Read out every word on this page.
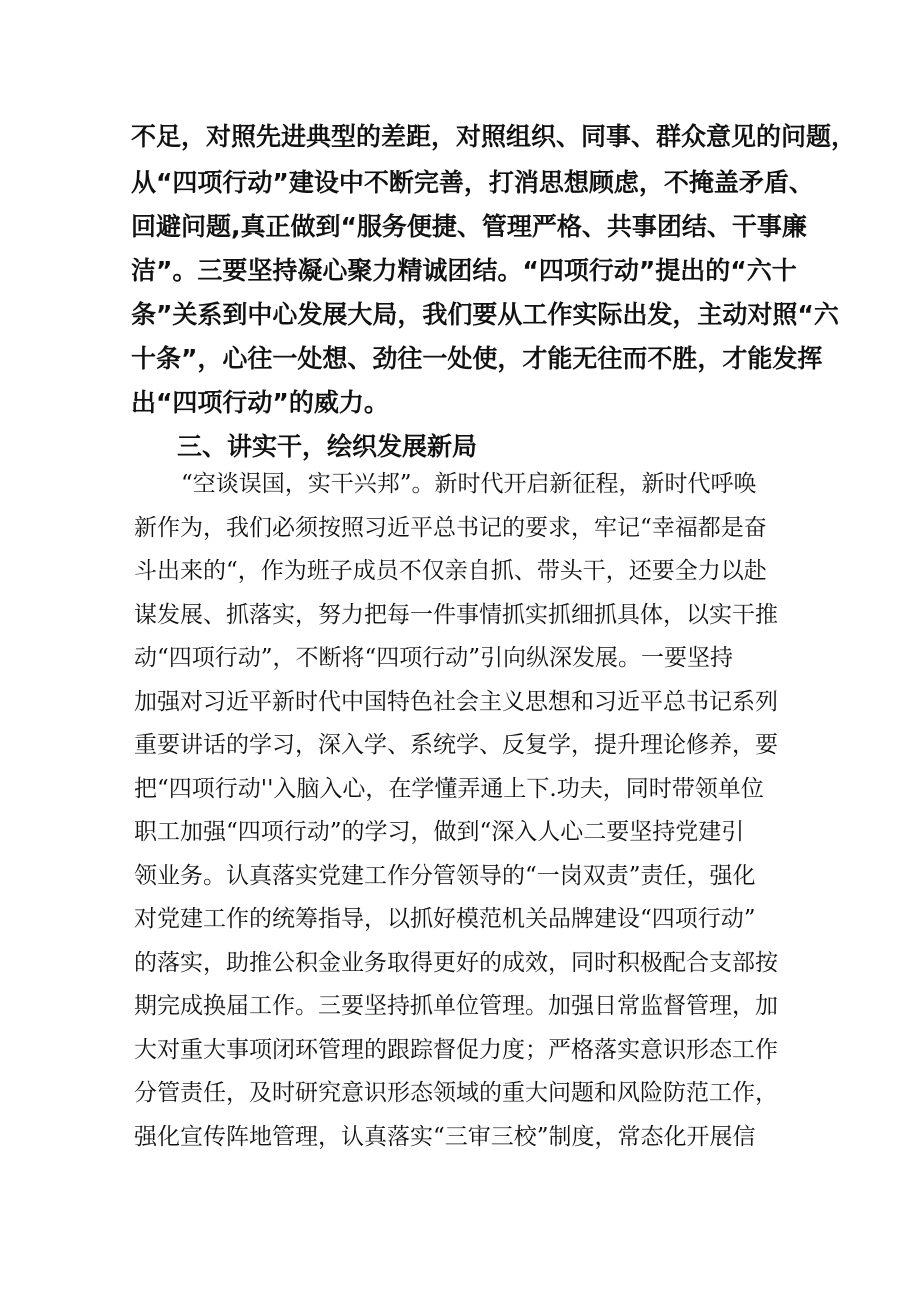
不足，对照先进典型的差距，对照组织、同事、群众意见的问题，
从“四项行动”建设中不断完善，打消思想顾虑，不掩盖矛盾、
回避问题,真正做到“服务便捷、管理严格、共事团结、干事廉
洁”。三要坚持凝心聚力精诚团结。“四项行动”提出的“六十
条”关系到中心发展大局，我们要从工作实际出发，主动对照“六
十条”，心往一处想、劲往一处使，才能无往而不胜，才能发挥
出“四项行动”的威力。
三、讲实干，绘织发展新局
“空谈误国，实干兴邦”。新时代开启新征程，新时代呼唤
新作为，我们必须按照习近平总书记的要求，牢记“幸福都是奋
斗出来的“，作为班子成员不仅亲自抓、带头干，还要全力以赴
谋发展、抓落实，努力把每一件事情抓实抓细抓具体，以实干推
动“四项行动”，不断将“四项行动”引向纵深发展。一要坚持
加强对习近平新时代中国特色社会主义思想和习近平总书记系列
重要讲话的学习，深入学、系统学、反复学，提升理论修养，要
把“四项行动''入脑入心，在学懂弄通上下.功夫，同时带领单位
职工加强“四项行动”的学习，做到“深入人心二要坚持党建引
领业务。认真落实党建工作分管领导的“一岗双责”责任，强化
对党建工作的统筹指导，以抓好模范机关品牌建设“四项行动”
的落实，助推公积金业务取得更好的成效，同时积极配合支部按
期完成换届工作。三要坚持抓单位管理。加强日常监督管理，加
大对重大事项闭环管理的跟踪督促力度；严格落实意识形态工作
分管责任，及时研究意识形态领域的重大问题和风险防范工作，
强化宣传阵地管理，认真落实“三审三校”制度，常态化开展信
